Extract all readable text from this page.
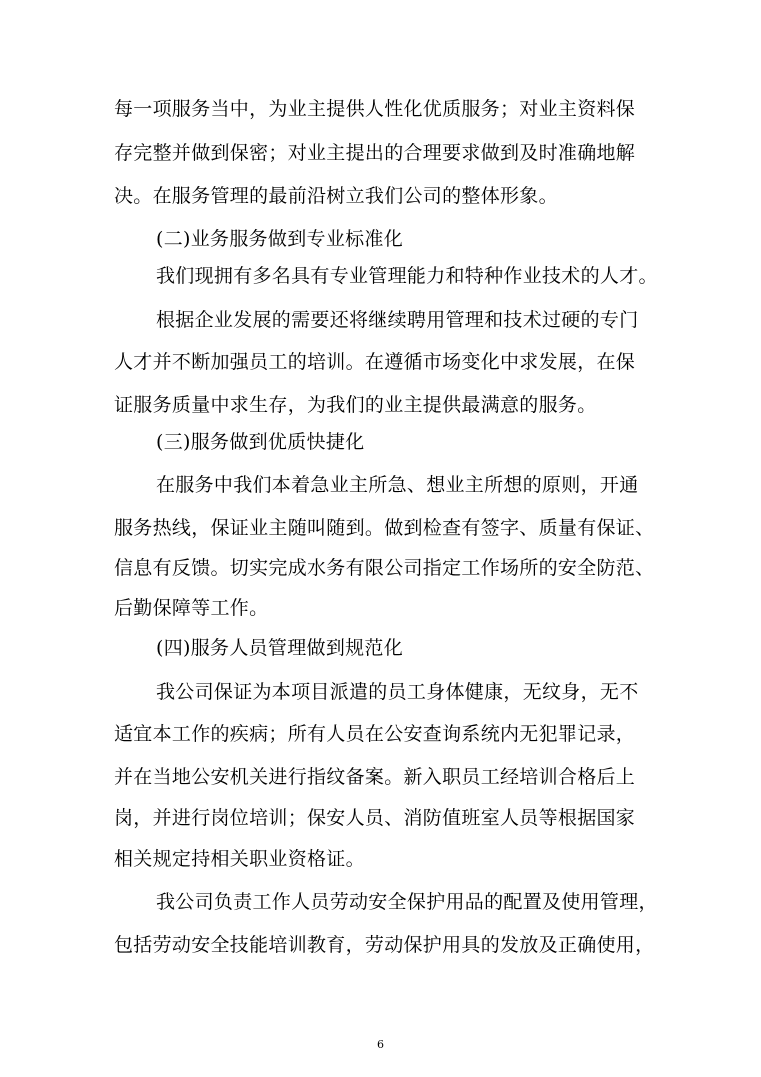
每一项服务当中，为业主提供人性化优质服务；对业主资料保
存完整并做到保密；对业主提出的合理要求做到及时准确地解
决。在服务管理的最前沿树立我们公司的整体形象。
(二)业务服务做到专业标准化
我们现拥有多名具有专业管理能力和特种作业技术的人才。
根据企业发展的需要还将继续聘用管理和技术过硬的专门
人才并不断加强员工的培训。在遵循市场变化中求发展，在保
证服务质量中求生存，为我们的业主提供最满意的服务。
(三)服务做到优质快捷化
在服务中我们本着急业主所急、想业主所想的原则，开通
服务热线，保证业主随叫随到。做到检查有签字、质量有保证、
信息有反馈。切实完成水务有限公司指定工作场所的安全防范、
后勤保障等工作。
(四)服务人员管理做到规范化
我公司保证为本项目派遣的员工身体健康，无纹身，无不
适宜本工作的疾病；所有人员在公安查询系统内无犯罪记录，
并在当地公安机关进行指纹备案。新入职员工经培训合格后上
岗，并进行岗位培训；保安人员、消防值班室人员等根据国家
相关规定持相关职业资格证。
我公司负责工作人员劳动安全保护用品的配置及使用管理，
包括劳动安全技能培训教育，劳动保护用具的发放及正确使用，
6
